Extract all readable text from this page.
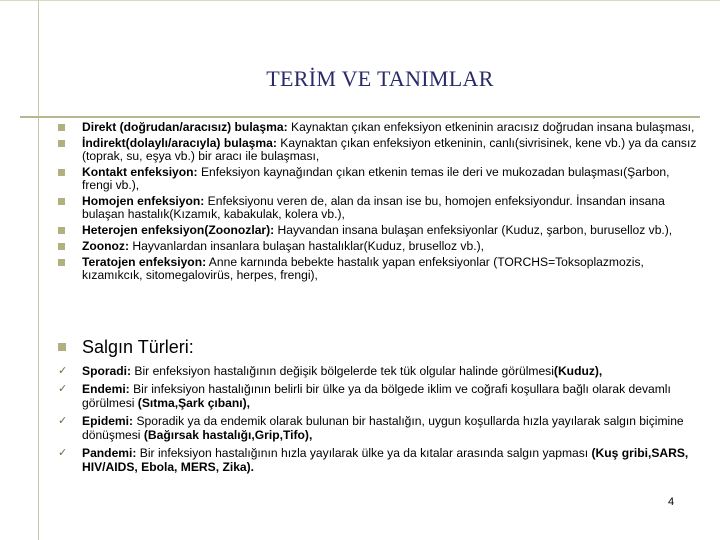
TERİM VE TANIMLAR
Direkt (doğrudan/aracısız) bulaşma: Kaynaktan çıkan enfeksiyon etkeninin aracısız doğrudan insana bulaşması,
İndirekt(dolaylı/aracıyla) bulaşma: Kaynaktan çıkan enfeksiyon etkeninin, canlı(sivrisinek, kene vb.) ya da cansız (toprak, su, eşya vb.) bir aracı ile bulaşması,
Kontakt enfeksiyon: Enfeksiyon kaynağından çıkan etkenin temas ile deri ve mukozadan bulaşması(Şarbon, frengi vb.),
Homojen enfeksiyon: Enfeksiyonu veren de, alan da insan ise bu, homojen enfeksiyondur. İnsandan insana bulaşan hastalık(Kızamık, kabakulak, kolera vb.),
Heterojen enfeksiyon(Zoonozlar): Hayvandan insana bulaşan enfeksiyonlar (Kuduz, şarbon, buruselloz vb.),
Zoonoz: Hayvanlardan insanlara bulaşan hastalıklar(Kuduz, bruselloz vb.),
Teratojen enfeksiyon: Anne karnında bebekte hastalık yapan enfeksiyonlar (TORCHS=Toksoplazmozis, kızamıkcık, sitomegalovirüs, herpes, frengi),
Salgın Türleri:
✓ Sporadi: Bir enfeksiyon hastalığının değişik bölgelerde tek tük olgular halinde görülmesi(Kuduz),
✓ Endemi: Bir infeksiyon hastalığının belirli bir ülke ya da bölgede iklim ve coğrafi koşullara bağlı olarak devamlı görülmesi (Sıtma,Şark çıbanı),
✓ Epidemi: Sporadik ya da endemik olarak bulunan bir hastalığın, uygun koşullarda hızla yayılarak salgın biçimine dönüşmesi (Bağırsak hastalığı,Grip,Tifo),
✓ Pandemi: Bir infeksiyon hastalığının hızla yayılarak ülke ya da kıtalar arasında salgın yapması (Kuş gribi,SARS, HIV/AIDS, Ebola, MERS, Zika).
4
